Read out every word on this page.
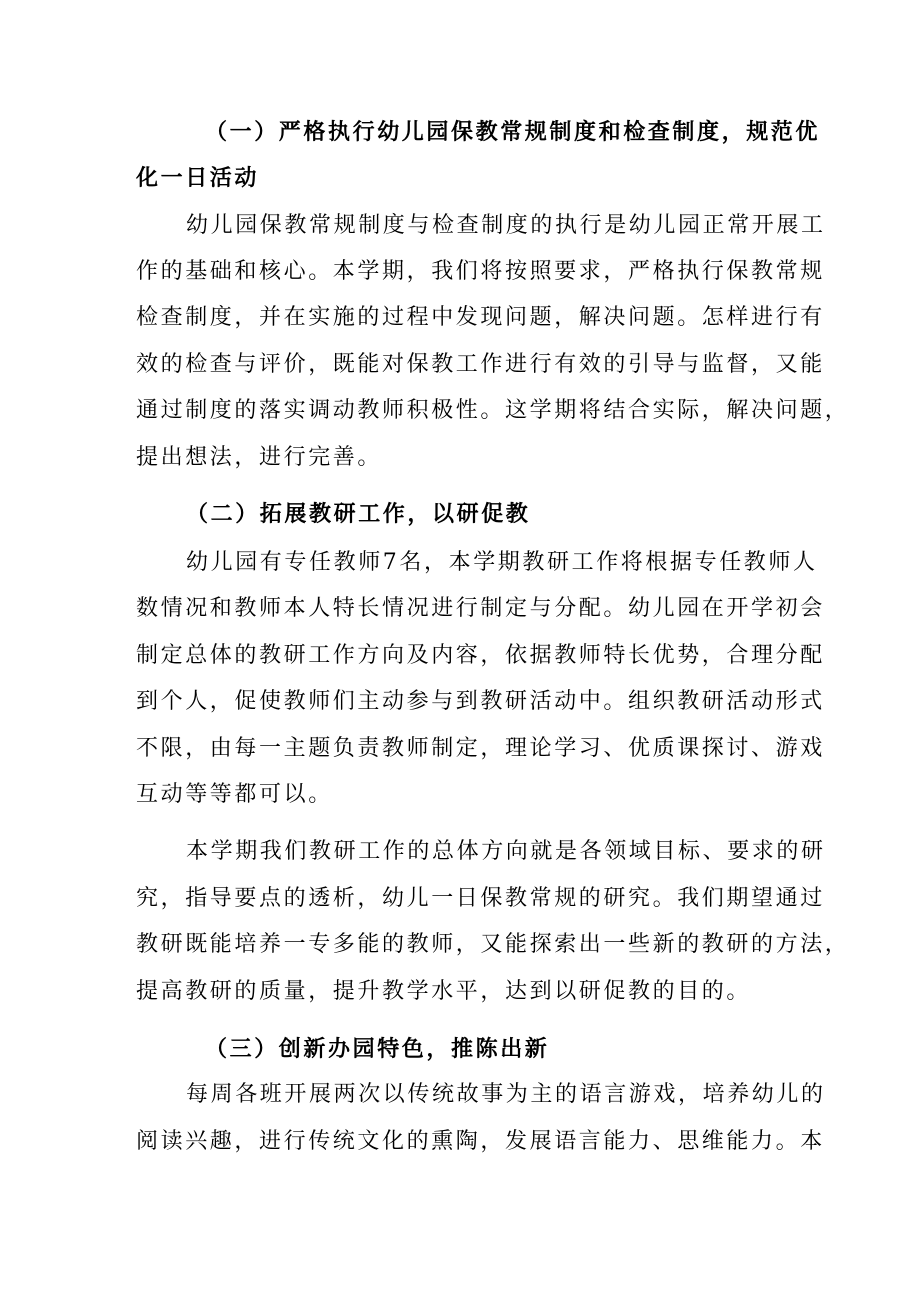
（一）严格执行幼儿园保教常规制度和检查制度，规范优
化一日活动
幼儿园保教常规制度与检查制度的执行是幼儿园正常开展工
作的基础和核心。本学期，我们将按照要求，严格执行保教常规
检查制度，并在实施的过程中发现问题，解决问题。怎样进行有
效的检查与评价，既能对保教工作进行有效的引导与监督，又能
通过制度的落实调动教师积极性。这学期将结合实际，解决问题，
提出想法，进行完善。
（二）拓展教研工作，以研促教
幼儿园有专任教师7名，本学期教研工作将根据专任教师人
数情况和教师本人特长情况进行制定与分配。幼儿园在开学初会
制定总体的教研工作方向及内容，依据教师特长优势，合理分配
到个人，促使教师们主动参与到教研活动中。组织教研活动形式
不限，由每一主题负责教师制定，理论学习、优质课探讨、游戏
互动等等都可以。
本学期我们教研工作的总体方向就是各领域目标、要求的研
究，指导要点的透析，幼儿一日保教常规的研究。我们期望通过
教研既能培养一专多能的教师，又能探索出一些新的教研的方法，
提高教研的质量，提升教学水平，达到以研促教的目的。
（三）创新办园特色，推陈出新
每周各班开展两次以传统故事为主的语言游戏，培养幼儿的
阅读兴趣，进行传统文化的熏陶，发展语言能力、思维能力。本
